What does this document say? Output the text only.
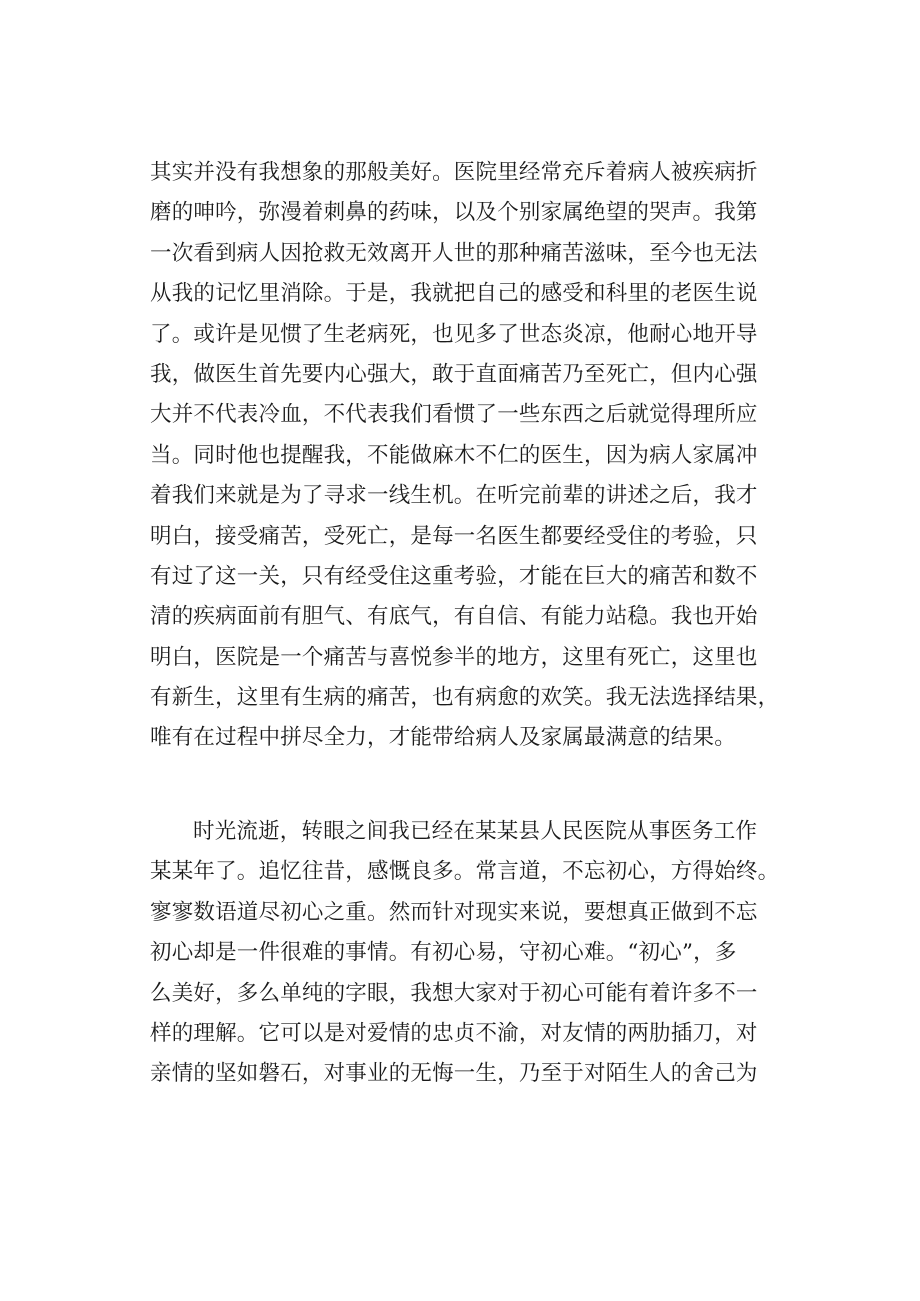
其实并没有我想象的那般美好。医院里经常充斥着病人被疾病折
磨的呻吟，弥漫着刺鼻的药味，以及个别家属绝望的哭声。我第
一次看到病人因抢救无效离开人世的那种痛苦滋味，至今也无法
从我的记忆里消除。于是，我就把自己的感受和科里的老医生说
了。或许是见惯了生老病死，也见多了世态炎凉，他耐心地开导
我，做医生首先要内心强大，敢于直面痛苦乃至死亡，但内心强
大并不代表冷血，不代表我们看惯了一些东西之后就觉得理所应
当。同时他也提醒我，不能做麻木不仁的医生，因为病人家属冲
着我们来就是为了寻求一线生机。在听完前辈的讲述之后，我才
明白，接受痛苦，受死亡，是每一名医生都要经受住的考验，只
有过了这一关，只有经受住这重考验，才能在巨大的痛苦和数不
清的疾病面前有胆气、有底气，有自信、有能力站稳。我也开始
明白，医院是一个痛苦与喜悦参半的地方，这里有死亡，这里也
有新生，这里有生病的痛苦，也有病愈的欢笑。我无法选择结果，
唯有在过程中拼尽全力，才能带给病人及家属最满意的结果。
时光流逝，转眼之间我已经在某某县人民医院从事医务工作
某某年了。追忆往昔，感慨良多。常言道，不忘初心，方得始终。
寥寥数语道尽初心之重。然而针对现实来说，要想真正做到不忘
初心却是一件很难的事情。有初心易，守初心难。“初心”，多
么美好，多么单纯的字眼，我想大家对于初心可能有着许多不一
样的理解。它可以是对爱情的忠贞不渝，对友情的两肋插刀，对
亲情的坚如磐石，对事业的无悔一生，乃至于对陌生人的舍己为
